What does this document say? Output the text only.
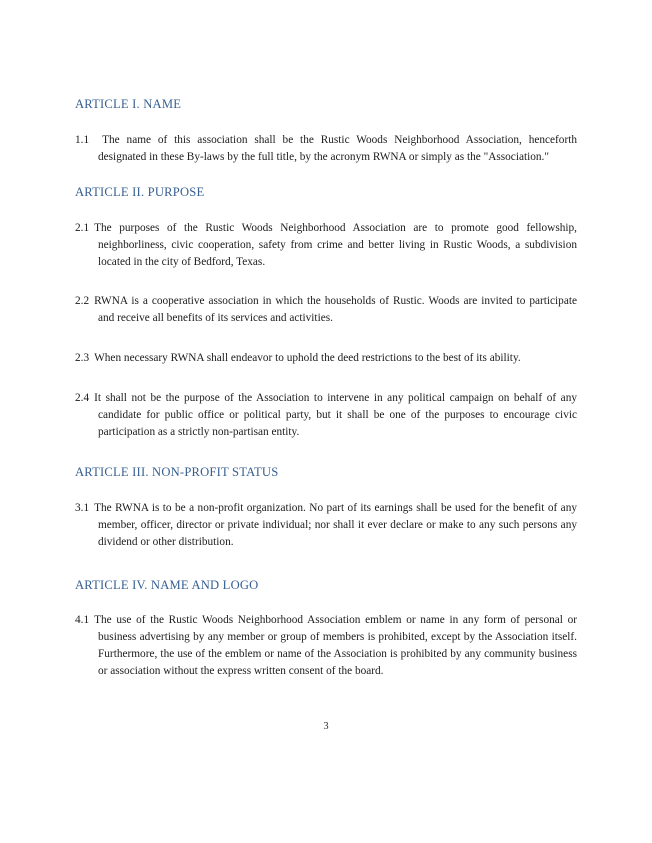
ARTICLE I. NAME

1.1 The name of this association shall be the Rustic Woods Neighborhood Association, henceforth designated in these By-laws by the full title, by the acronym RWNA or simply as the "Association."

ARTICLE II. PURPOSE

2.1 The purposes of the Rustic Woods Neighborhood Association are to promote good fellowship, neighborliness, civic cooperation, safety from crime and better living in Rustic Woods, a subdivision located in the city of Bedford, Texas.

2.2 RWNA is a cooperative association in which the households of Rustic. Woods are invited to participate and receive all benefits of its services and activities.

2.3 When necessary RWNA shall endeavor to uphold the deed restrictions to the best of its ability.

2.4 It shall not be the purpose of the Association to intervene in any political campaign on behalf of any candidate for public office or political party, but it shall be one of the purposes to encourage civic participation as a strictly non-partisan entity.

ARTICLE III. NON-PROFIT STATUS

3.1 The RWNA is to be a non-profit organization. No part of its earnings shall be used for the benefit of any member, officer, director or private individual; nor shall it ever declare or make to any such persons any dividend or other distribution.

ARTICLE IV. NAME AND LOGO

4.1 The use of the Rustic Woods Neighborhood Association emblem or name in any form of personal or business advertising by any member or group of members is prohibited, except by the Association itself. Furthermore, the use of the emblem or name of the Association is prohibited by any community business or association without the express written consent of the board.

3
